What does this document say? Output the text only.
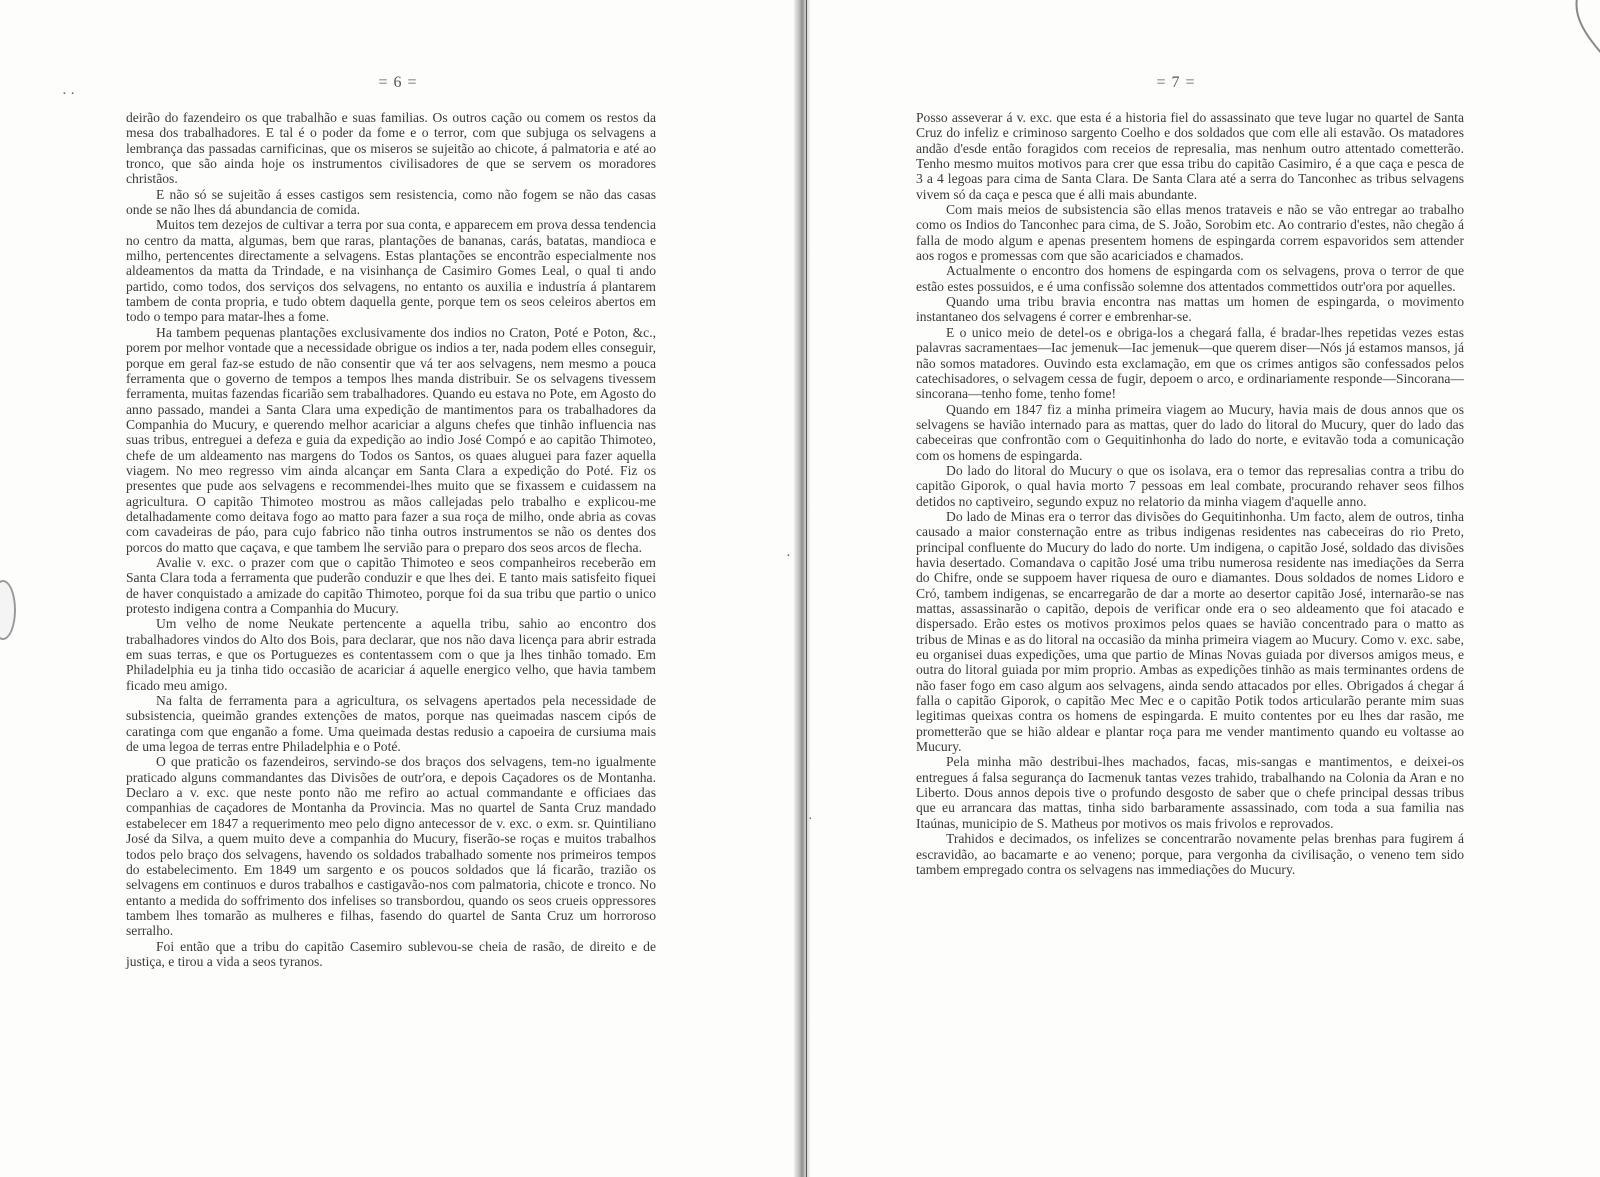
⋅ ⋅
⋅
·
= 6 =

deirão do fazendeiro os que trabalhão e suas familias. Os outros cação ou comem os restos da mesa dos trabalhadores. E tal é o poder da fome e o terror, com que subjuga os selvagens a lembrança das passadas carnificinas, que os miseros se sujeitão ao chicote, á palmatoria e até ao tronco, que são ainda hoje os instrumentos civilisadores de que se servem os moradores christãos.

E não só se sujeitão á esses castigos sem resistencia, como não fogem se não das casas onde se não lhes dá abundancia de comida.

Muitos tem dezejos de cultivar a terra por sua conta, e apparecem em prova dessa tendencia no centro da matta, algumas, bem que raras, plantações de bananas, carás, batatas, mandioca e milho, pertencentes directamente a selvagens. Estas plantações se encontrão especialmente nos aldeamentos da matta da Trindade, e na visinhança de Casimiro Gomes Leal, o qual ti ando partido, como todos, dos serviços dos selvagens, no entanto os auxilia e industría á plantarem tambem de conta propria, e tudo obtem daquella gente, porque tem os seos celeiros abertos em todo o tempo para matar-lhes a fome.

Ha tambem pequenas plantações exclusivamente dos indios no Craton, Poté e Poton, &c., porem por melhor vontade que a necessidade obrigue os indios a ter, nada podem elles conseguir, porque em geral faz-se estudo de não consentir que vá ter aos selvagens, nem mesmo a pouca ferramenta que o governo de tempos a tempos lhes manda distribuir. Se os selvagens tivessem ferramenta, muitas fazendas ficarião sem trabalhadores. Quando eu estava no Pote, em Agosto do anno passado, mandei a Santa Clara uma expedição de mantimentos para os trabalhadores da Companhia do Mucury, e querendo melhor acariciar a alguns chefes que tinhão influencia nas suas tribus, entreguei a defeza e guia da expedição ao indio José Compó e ao capitão Thimoteo, chefe de um aldeamento nas margens do Todos os Santos, os quaes aluguei para fazer aquella viagem. No meo regresso vim ainda alcançar em Santa Clara a expedição do Poté. Fiz os presentes que pude aos selvagens e recommendei-lhes muito que se fixassem e cuidassem na agricultura. O capitão Thimoteo mostrou as mãos callejadas pelo trabalho e explicou-me detalhadamente como deitava fogo ao matto para fazer a sua roça de milho, onde abria as covas com cavadeiras de páo, para cujo fabrico não tinha outros instrumentos se não os dentes dos porcos do matto que caçava, e que tambem lhe servião para o preparo dos seos arcos de flecha.

Avalie v. exc. o prazer com que o capitão Thimoteo e seos companheiros receberão em Santa Clara toda a ferramenta que puderão conduzir e que lhes dei. E tanto mais satisfeito fiquei de haver conquistado a amizade do capitão Thimoteo, porque foi da sua tribu que partio o unico protesto indigena contra a Companhia do Mucury.

Um velho de nome Neukate pertencente a aquella tribu, sahio ao encontro dos trabalhadores vindos do Alto dos Bois, para declarar, que nos não dava licença para abrir estrada em suas terras, e que os Portuguezes es contentassem com o que ja lhes tinhão tomado. Em Philadelphia eu ja tinha tido occasião de acariciar á aquelle energico velho, que havia tambem ficado meu amigo.

Na falta de ferramenta para a agricultura, os selvagens apertados pela necessidade de subsistencia, queimão grandes extenções de matos, porque nas queimadas nascem cipós de caratinga com que enganão a fome. Uma queimada destas redusio a capoeira de cursiuma mais de uma legoa de terras entre Philadelphia e o Poté.

O que praticão os fazendeiros, servindo-se dos braços dos selvagens, tem-no igualmente praticado alguns commandantes das Divisões de outr'ora, e depois Caçadores os de Montanha. Declaro a v. exc. que neste ponto não me refiro ao actual commandante e officiaes das companhias de caçadores de Montanha da Provincia. Mas no quartel de Santa Cruz mandado estabelecer em 1847 a requerimento meo pelo digno antecessor de v. exc. o exm. sr. Quintiliano José da Silva, a quem muito deve a companhia do Mucury, fiserão-se roças e muitos trabalhos todos pelo braço dos selvagens, havendo os soldados trabalhado somente nos primeiros tempos do estabelecimento. Em 1849 um sargento e os poucos soldados que lá ficarão, trazião os selvagens em continuos e duros trabalhos e castigavão-nos com palmatoria, chicote e tronco. No entanto a medida do soffrimento dos infelises so transbordou, quando os seos crueis oppressores tambem lhes tomarão as mulheres e filhas, fasendo do quartel de Santa Cruz um horroroso serralho.

Foi então que a tribu do capitão Casemiro sublevou-se cheia de rasão, de direito e de justiça, e tirou a vida a seos tyranos.

= 7 =

Posso asseverar á v. exc. que esta é a historia fiel do assassinato que teve lugar no quartel de Santa Cruz do infeliz e criminoso sargento Coelho e dos soldados que com elle ali estavão. Os matadores andão d'esde então foragidos com receios de represalia, mas nenhum outro attentado cometterão. Tenho mesmo muitos motivos para crer que essa tribu do capitão Casimiro, é a que caça e pesca de 3 a 4 legoas para cima de Santa Clara. De Santa Clara até a serra do Tanconhec as tribus selvagens vivem só da caça e pesca que é alli mais abundante.

Com mais meios de subsistencia são ellas menos trataveis e não se vão entregar ao trabalho como os Indios do Tanconhec para cima, de S. João, Sorobim etc. Ao contrario d'estes, não chegão á falla de modo algum e apenas presentem homens de espingarda correm espavoridos sem attender aos rogos e promessas com que são acariciados e chamados.

Actualmente o encontro dos homens de espingarda com os selvagens, prova o terror de que estão estes possuidos, e é uma confissão solemne dos attentados commettidos outr'ora por aquelles.

Quando uma tribu bravia encontra nas mattas um homen de espingarda, o movimento instantaneo dos selvagens é correr e embrenhar-se.

E o unico meio de detel-os e obriga-los a chegará falla, é bradar-lhes repetidas vezes estas palavras sacramentaes—Iac jemenuk—Iac jemenuk—que querem diser—Nós já estamos mansos, já não somos matadores. Ouvindo esta exclamação, em que os crimes antigos são confessados pelos catechisadores, o selvagem cessa de fugir, depoem o arco, e ordinariamente responde—Sincorana—sincorana—tenho fome, tenho fome!

Quando em 1847 fiz a minha primeira viagem ao Mucury, havia mais de dous annos que os selvagens se havião internado para as mattas, quer do lado do litoral do Mucury, quer do lado das cabeceiras que confrontão com o Gequitinhonha do lado do norte, e evitavão toda a comunicação com os homens de espingarda.

Do lado do litoral do Mucury o que os isolava, era o temor das represalias contra a tribu do capitão Giporok, o qual havia morto 7 pessoas em leal combate, procurando rehaver seos filhos detidos no captiveiro, segundo expuz no relatorio da minha viagem d'aquelle anno.

Do lado de Minas era o terror das divisões do Gequitinhonha. Um facto, alem de outros, tinha causado a maior consternação entre as tribus indigenas residentes nas cabeceiras do rio Preto, principal confluente do Mucury do lado do norte. Um indigena, o capitão José, soldado das divisões havia desertado. Comandava o capitão José uma tribu numerosa residente nas imediações da Serra do Chifre, onde se suppoem haver riquesa de ouro e diamantes. Dous soldados de nomes Lidoro e Cró, tambem indigenas, se encarregarão de dar a morte ao desertor capitão José, internarão-se nas mattas, assassinarão o capitão, depois de verificar onde era o seo aldeamento que foi atacado e dispersado. Erão estes os motivos proximos pelos quaes se havião concentrado para o matto as tribus de Minas e as do litoral na occasião da minha primeira viagem ao Mucury. Como v. exc. sabe, eu organisei duas expedições, uma que partio de Minas Novas guiada por diversos amigos meus, e outra do litoral guiada por mim proprio. Ambas as expedições tinhão as mais terminantes ordens de não faser fogo em caso algum aos selvagens, ainda sendo attacados por elles. Obrigados á chegar á falla o capitão Giporok, o capitão Mec Mec e o capitão Potik todos articularão perante mim suas legitimas queixas contra os homens de espingarda. E muito contentes por eu lhes dar rasão, me prometterão que se hião aldear e plantar roça para me vender mantimento quando eu voltasse ao Mucury.

Pela minha mão destribui-lhes machados, facas, mis-sangas e mantimentos, e deixei-os entregues á falsa segurança do Iacmenuk tantas vezes trahido, trabalhando na Colonia da Aran e no Liberto. Dous annos depois tive o profundo desgosto de saber que o chefe principal dessas tribus que eu arrancara das mattas, tinha sido barbaramente assassinado, com toda a sua familia nas Itaúnas, municipio de S. Matheus por motivos os mais frivolos e reprovados.

Trahidos e decimados, os infelizes se concentrarão novamente pelas brenhas para fugirem á escravidão, ao bacamarte e ao veneno; porque, para vergonha da civilisação, o veneno tem sido tambem empregado contra os selvagens nas immediações do Mucury.
